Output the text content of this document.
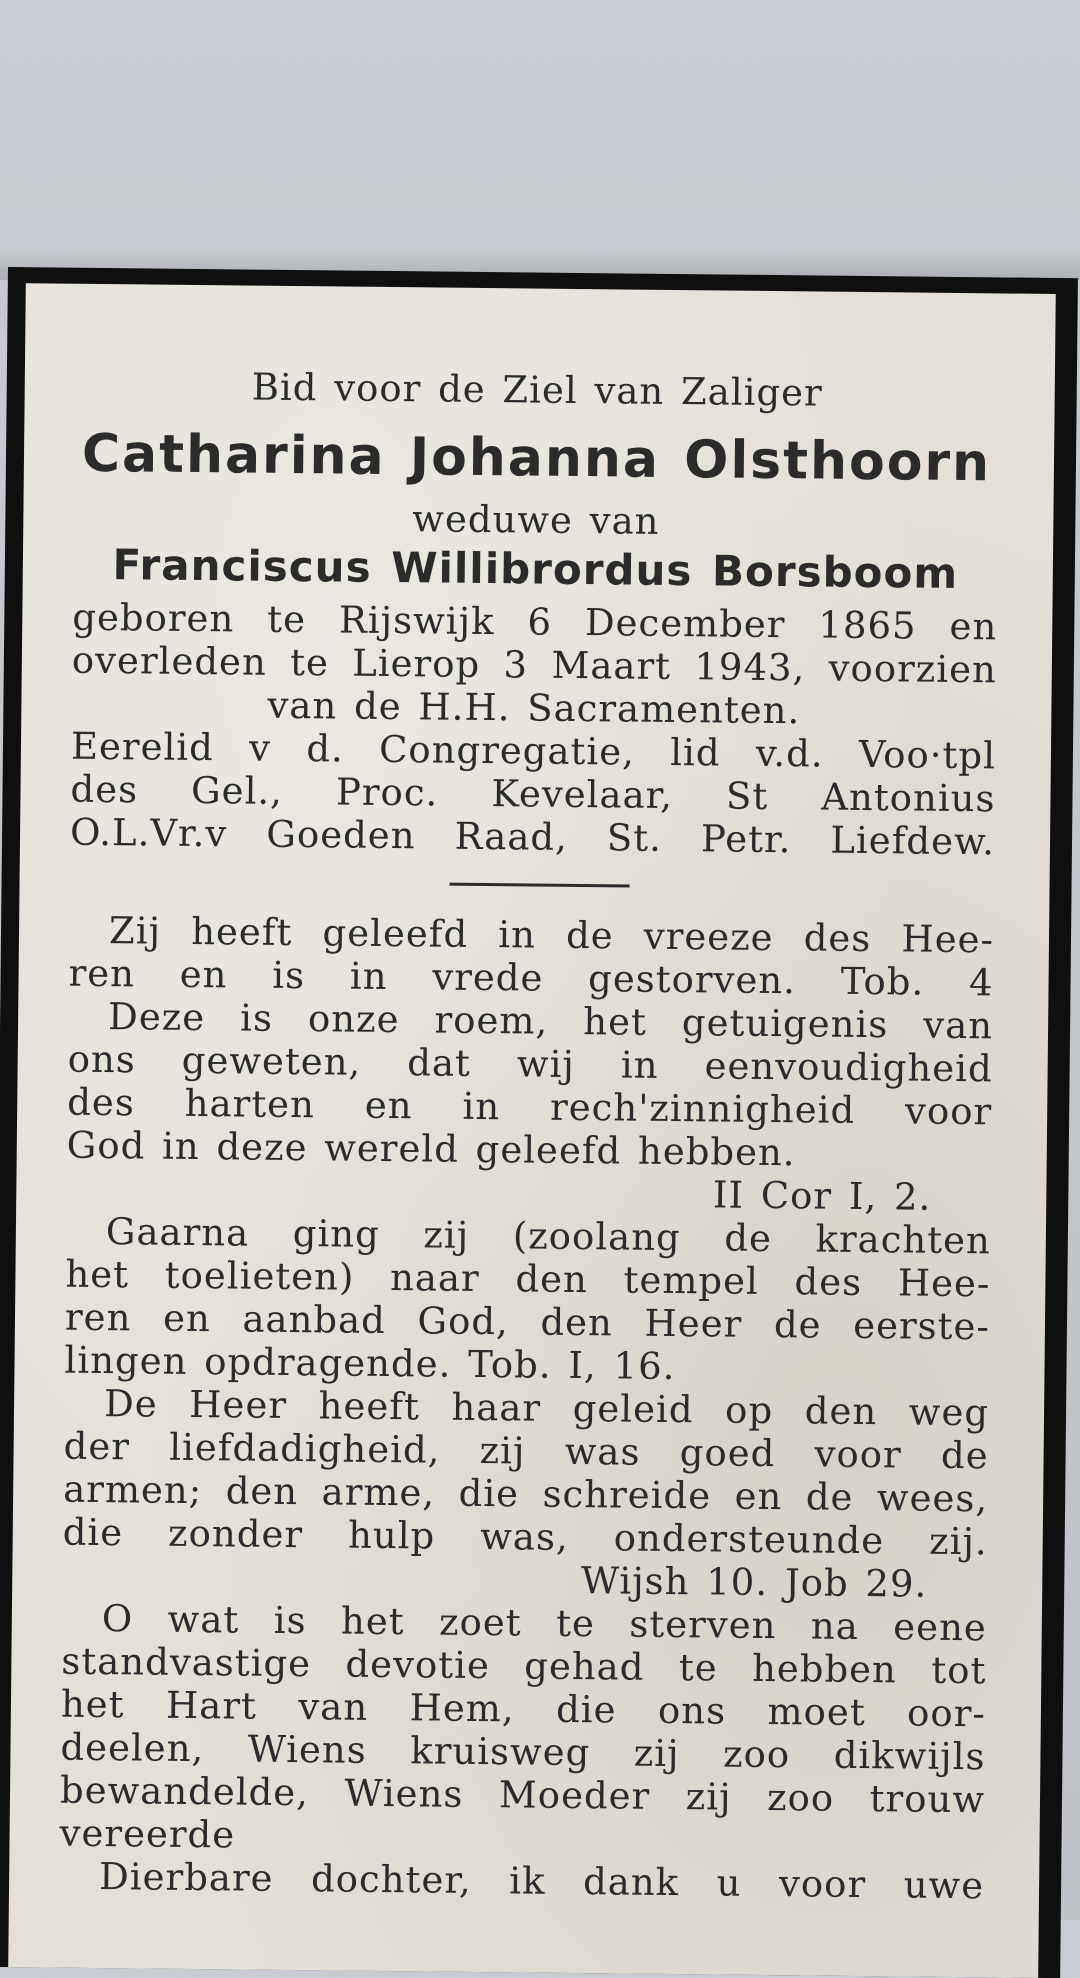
Bid voor de Ziel van Zaliger
Catharina Johanna Olsthoorn
weduwe van
Franciscus Willibrordus Borsboom
geboren te Rijswijk 6 December 1865 en
overleden te Lierop 3 Maart 1943, voorzien
van de H.H. Sacramenten.
Eerelid v d. Congregatie, lid v.d. Voo·tpl
des Gel., Proc. Kevelaar, St Antonius
O.L.Vr.v Goeden Raad, St. Petr. Liefdew.
Zij heeft geleefd in de vreeze des Hee-
ren en is in vrede gestorven. Tob. 4
Deze is onze roem, het getuigenis van
ons geweten, dat wij in eenvoudigheid
des harten en in rech'zinnigheid voor
God in deze wereld geleefd hebben.
II Cor I, 2.
Gaarna ging zij (zoolang de krachten
het toelieten) naar den tempel des Hee-
ren en aanbad God, den Heer de eerste-
lingen opdragende. Tob. I, 16.
De Heer heeft haar geleid op den weg
der liefdadigheid, zij was goed voor de
armen; den arme, die schreide en de wees,
die zonder hulp was, ondersteunde zij.
Wijsh 10. Job 29.
O wat is het zoet te sterven na eene
standvastige devotie gehad te hebben tot
het Hart van Hem, die ons moet oor-
deelen, Wiens kruisweg zij zoo dikwijls
bewandelde, Wiens Moeder zij zoo trouw
vereerde
Dierbare dochter, ik dank u voor uwe
